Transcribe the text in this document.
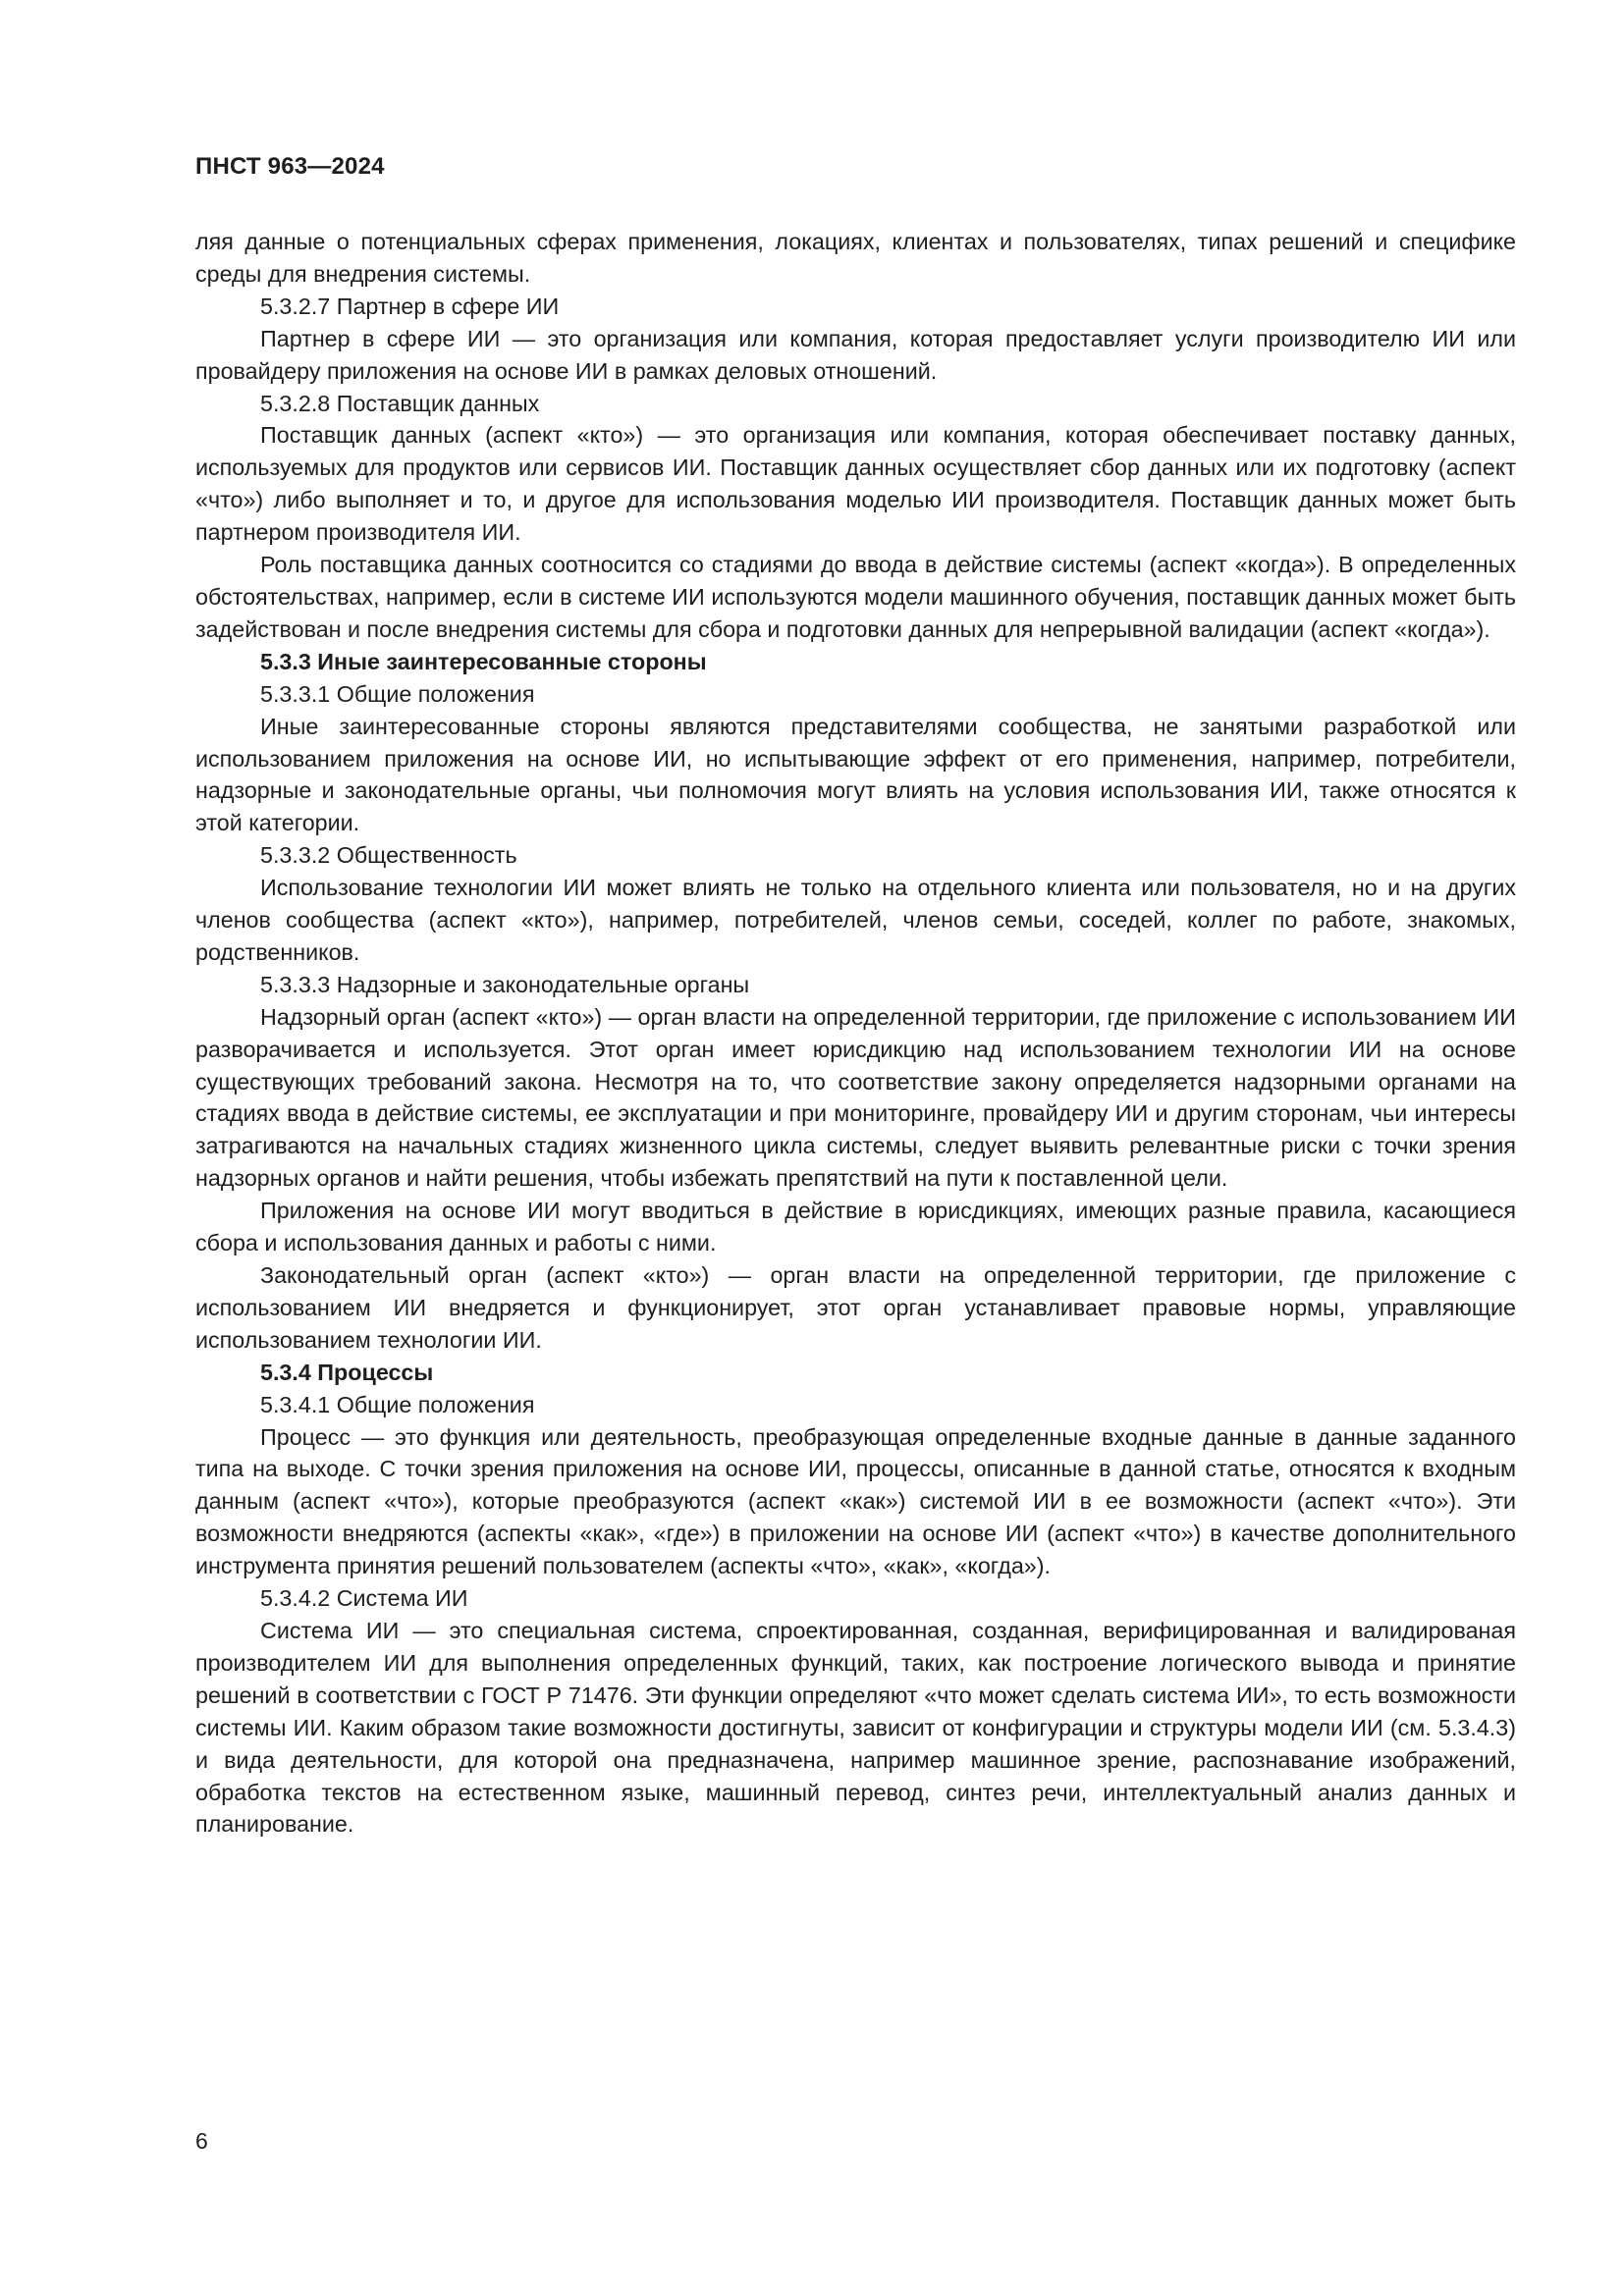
ПНСТ 963—2024

ляя данные о потенциальных сферах применения, локациях, клиентах и пользователях, типах решений и специфике среды для внедрения системы.

5.3.2.7 Партнер в сфере ИИ

Партнер в сфере ИИ — это организация или компания, которая предоставляет услуги производителю ИИ или провайдеру приложения на основе ИИ в рамках деловых отношений.

5.3.2.8 Поставщик данных

Поставщик данных (аспект «кто») — это организация или компания, которая обеспечивает поставку данных, используемых для продуктов или сервисов ИИ. Поставщик данных осуществляет сбор данных или их подготовку (аспект «что») либо выполняет и то, и другое для использования моделью ИИ производителя. Поставщик данных может быть партнером производителя ИИ.

Роль поставщика данных соотносится со стадиями до ввода в действие системы (аспект «когда»). В определенных обстоятельствах, например, если в системе ИИ используются модели машинного обучения, поставщик данных может быть задействован и после внедрения системы для сбора и подготовки данных для непрерывной валидации (аспект «когда»).

5.3.3 Иные заинтересованные стороны

5.3.3.1 Общие положения

Иные заинтересованные стороны являются представителями сообщества, не занятыми разработкой или использованием приложения на основе ИИ, но испытывающие эффект от его применения, например, потребители, надзорные и законодательные органы, чьи полномочия могут влиять на условия использования ИИ, также относятся к этой категории.

5.3.3.2 Общественность

Использование технологии ИИ может влиять не только на отдельного клиента или пользователя, но и на других членов сообщества (аспект «кто»), например, потребителей, членов семьи, соседей, коллег по работе, знакомых, родственников.

5.3.3.3 Надзорные и законодательные органы

Надзорный орган (аспект «кто») — орган власти на определенной территории, где приложение с использованием ИИ разворачивается и используется. Этот орган имеет юрисдикцию над использованием технологии ИИ на основе существующих требований закона. Несмотря на то, что соответствие закону определяется надзорными органами на стадиях ввода в действие системы, ее эксплуатации и при мониторинге, провайдеру ИИ и другим сторонам, чьи интересы затрагиваются на начальных стадиях жизненного цикла системы, следует выявить релевантные риски с точки зрения надзорных органов и найти решения, чтобы избежать препятствий на пути к поставленной цели.

Приложения на основе ИИ могут вводиться в действие в юрисдикциях, имеющих разные правила, касающиеся сбора и использования данных и работы с ними.

Законодательный орган (аспект «кто») — орган власти на определенной территории, где приложение с использованием ИИ внедряется и функционирует, этот орган устанавливает правовые нормы, управляющие использованием технологии ИИ.

5.3.4 Процессы

5.3.4.1 Общие положения

Процесс — это функция или деятельность, преобразующая определенные входные данные в данные заданного типа на выходе. С точки зрения приложения на основе ИИ, процессы, описанные в данной статье, относятся к входным данным (аспект «что»), которые преобразуются (аспект «как») системой ИИ в ее возможности (аспект «что»). Эти возможности внедряются (аспекты «как», «где») в приложении на основе ИИ (аспект «что») в качестве дополнительного инструмента принятия решений пользователем (аспекты «что», «как», «когда»).

5.3.4.2 Система ИИ

Система ИИ — это специальная система, спроектированная, созданная, верифицированная и валидированая производителем ИИ для выполнения определенных функций, таких, как построение логического вывода и принятие решений в соответствии с ГОСТ Р 71476. Эти функции определяют «что может сделать система ИИ», то есть возможности системы ИИ. Каким образом такие возможности достигнуты, зависит от конфигурации и структуры модели ИИ (см. 5.3.4.3) и вида деятельности, для которой она предназначена, например машинное зрение, распознавание изображений, обработка текстов на естественном языке, машинный перевод, синтез речи, интеллектуальный анализ данных и планирование.

6
